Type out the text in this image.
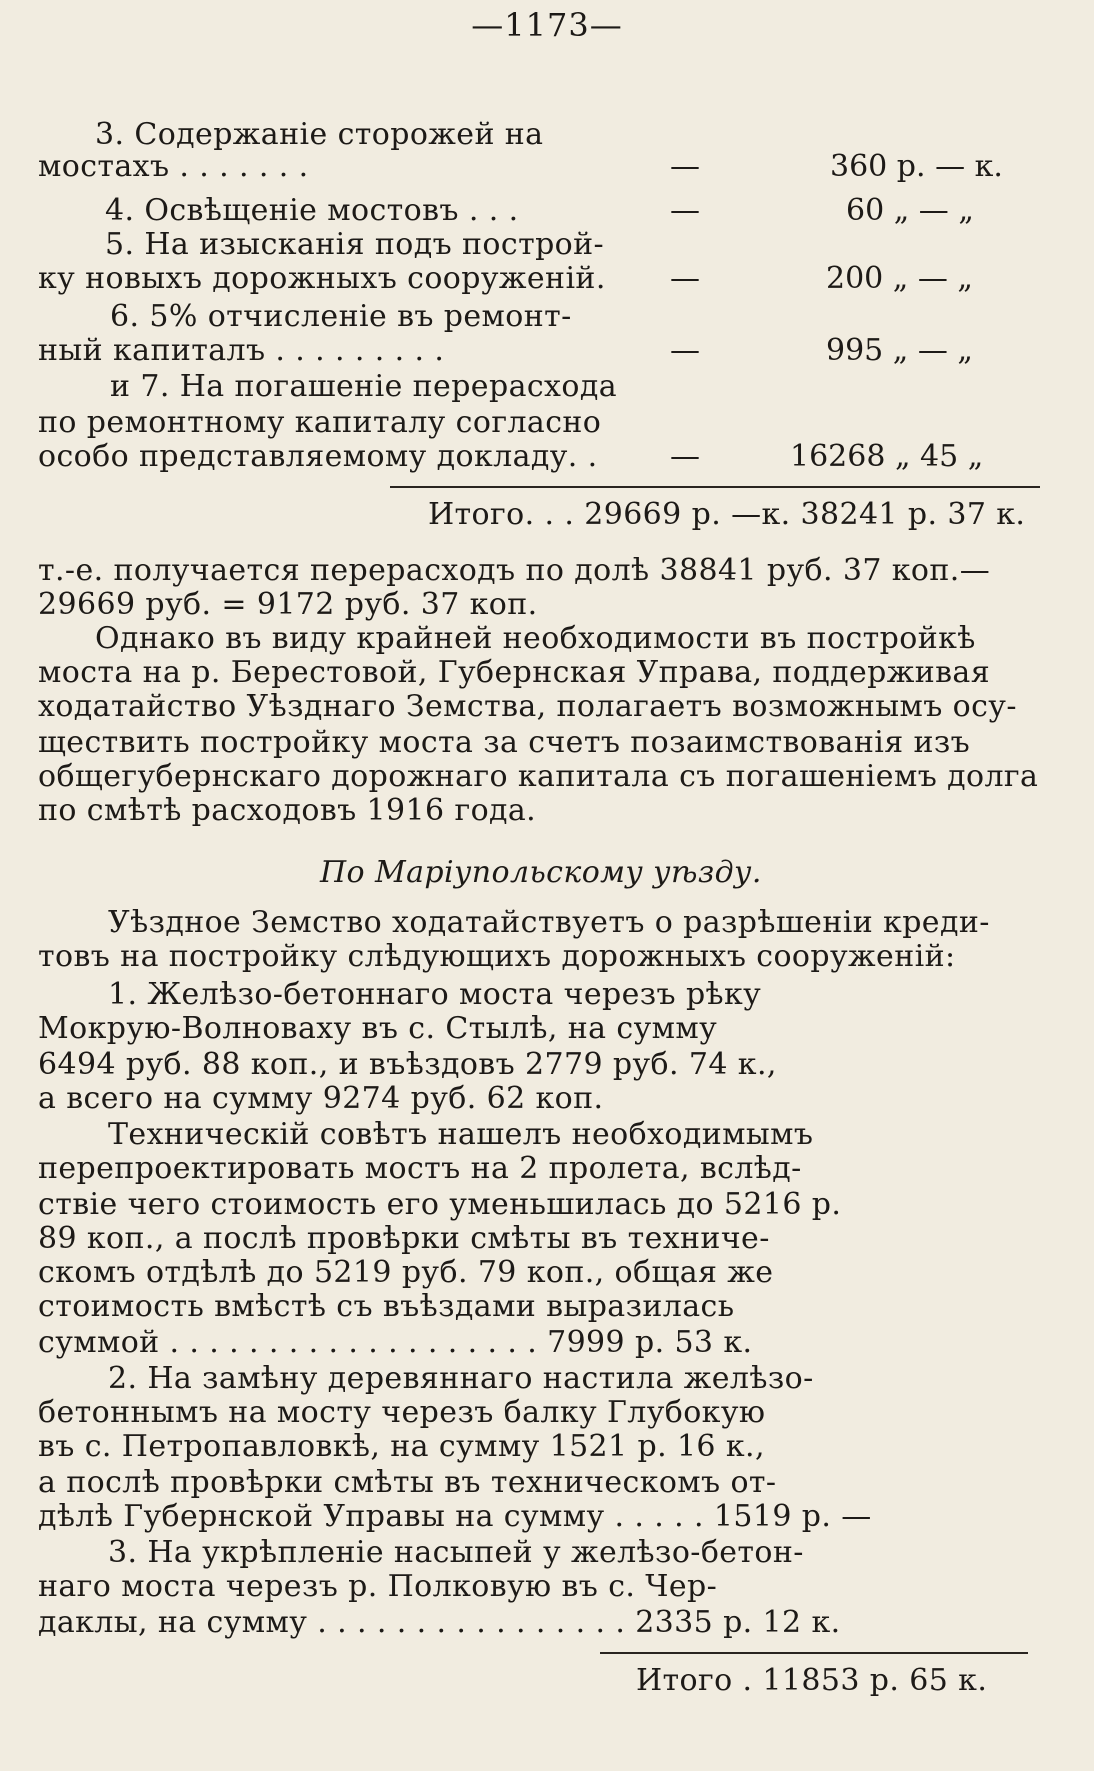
—1173—
3. Содержаніе сторожей на
мостахъ . . . . . . .	—	360 р. — к.
4. Освѣщеніе мостовъ . . .	—	60 „ — „
5. На изысканія подъ построй-
ку новыхъ дорожныхъ сооруженій.	—	200 „ — „
6. 5% отчисленіе въ ремонт-
ный капиталъ . . . . . . . . .	—	995 „ — „
и 7. На погашеніе перерасхода
по ремонтному капиталу согласно
особо представляемому докладу. .	—	16268 „ 45 „
Итого. . . 29669 р. —к. 38241 р. 37 к.
т.-е. получается перерасходъ по долѣ 38841 руб. 37 коп.—
29669 руб. = 9172 руб. 37 коп.
Однако въ виду крайней необходимости въ постройкѣ
моста на р. Берестовой, Губернская Управа, поддерживая
ходатайство Уѣзднаго Земства, полагаетъ возможнымъ осу-
ществить постройку моста за счетъ позаимствованія изъ
общегубернскаго дорожнаго капитала съ погашеніемъ долга
по смѣтѣ расходовъ 1916 года.
По Маріупольскому уѣзду.
Уѣздное Земство ходатайствуетъ о разрѣшеніи креди-
товъ на постройку слѣдующихъ дорожныхъ сооруженій:
1. Желѣзо-бетоннаго моста черезъ рѣку
Мокрую-Волноваху въ с. Стылѣ, на сумму
6494 руб. 88 коп., и въѣздовъ 2779 руб. 74 к.,
а всего на сумму 9274 руб. 62 коп.
Техническій совѣтъ нашелъ необходимымъ
перепроектировать мостъ на 2 пролета, вслѣд-
ствіе чего стоимость его уменьшилась до 5216 р.
89 коп., а послѣ провѣрки смѣты въ техниче-
скомъ отдѣлѣ до 5219 руб. 79 коп., общая же
стоимость вмѣстѣ съ въѣздами выразилась
суммой . . . . . . . . . . . . . . . . . . . 7999 р. 53 к.
2. На замѣну деревяннаго настила желѣзо-
бетоннымъ на мосту черезъ балку Глубокую
въ с. Петропавловкѣ, на сумму 1521 р. 16 к.,
а послѣ провѣрки смѣты въ техническомъ от-
дѣлѣ Губернской Управы на сумму . . . . . 1519 р. —
3. На укрѣпленіе насыпей у желѣзо-бетон-
наго моста черезъ р. Полковую въ с. Чер-
даклы, на сумму . . . . . . . . . . . . . . . . 2335 р. 12 к.
Итого . 11853 р. 65 к.
